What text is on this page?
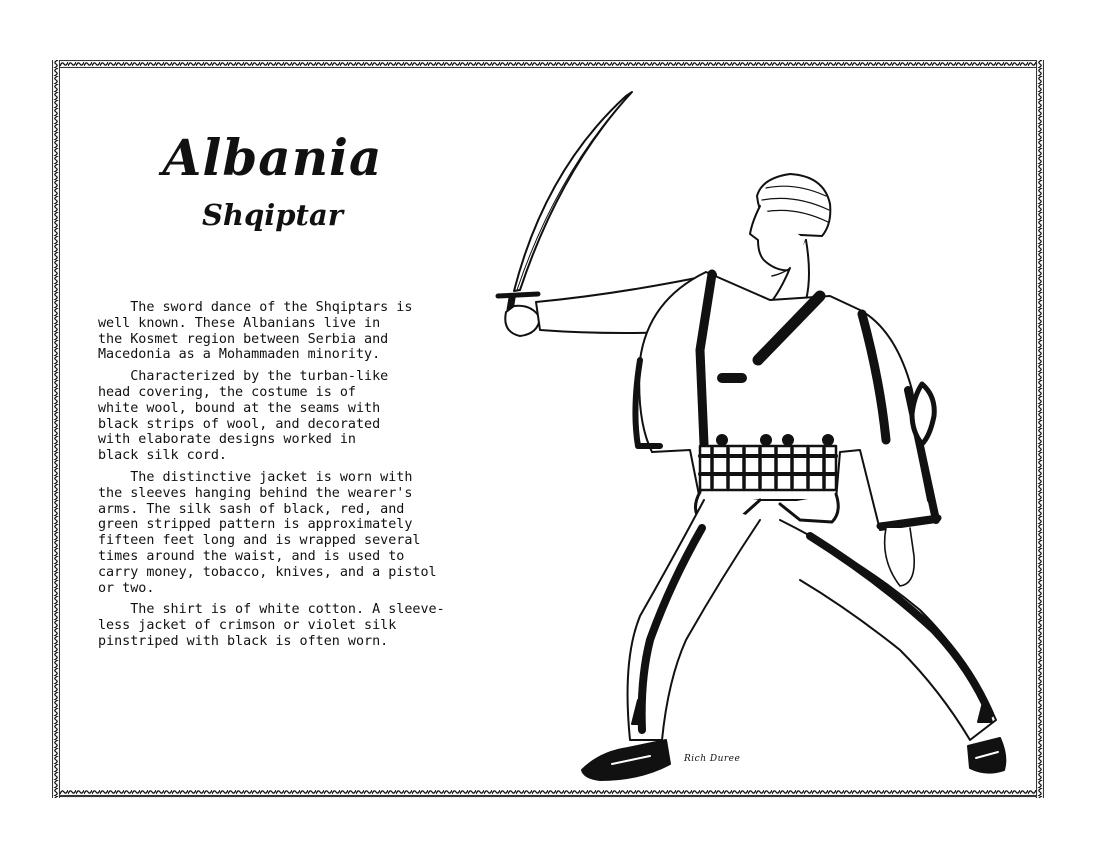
Albania
Shqiptar

The sword dance of the Shqiptars is
well known. These Albanians live in
the Kosmet region between Serbia and
Macedonia as a Mohammaden minority.

Characterized by the turban-like
head covering, the costume is of
white wool, bound at the seams with
black strips of wool, and decorated
with elaborate designs worked in
black silk cord.

The distinctive jacket is worn with
the sleeves hanging behind the wearer's
arms. The silk sash of black, red, and
green stripped pattern is approximately
fifteen feet long and is wrapped several
times around the waist, and is used to
carry money, tobacco, knives, and a pistol
or two.

The shirt is of white cotton. A sleeve-
less jacket of crimson or violet silk
pinstriped with black is often worn.

Rich Duree
